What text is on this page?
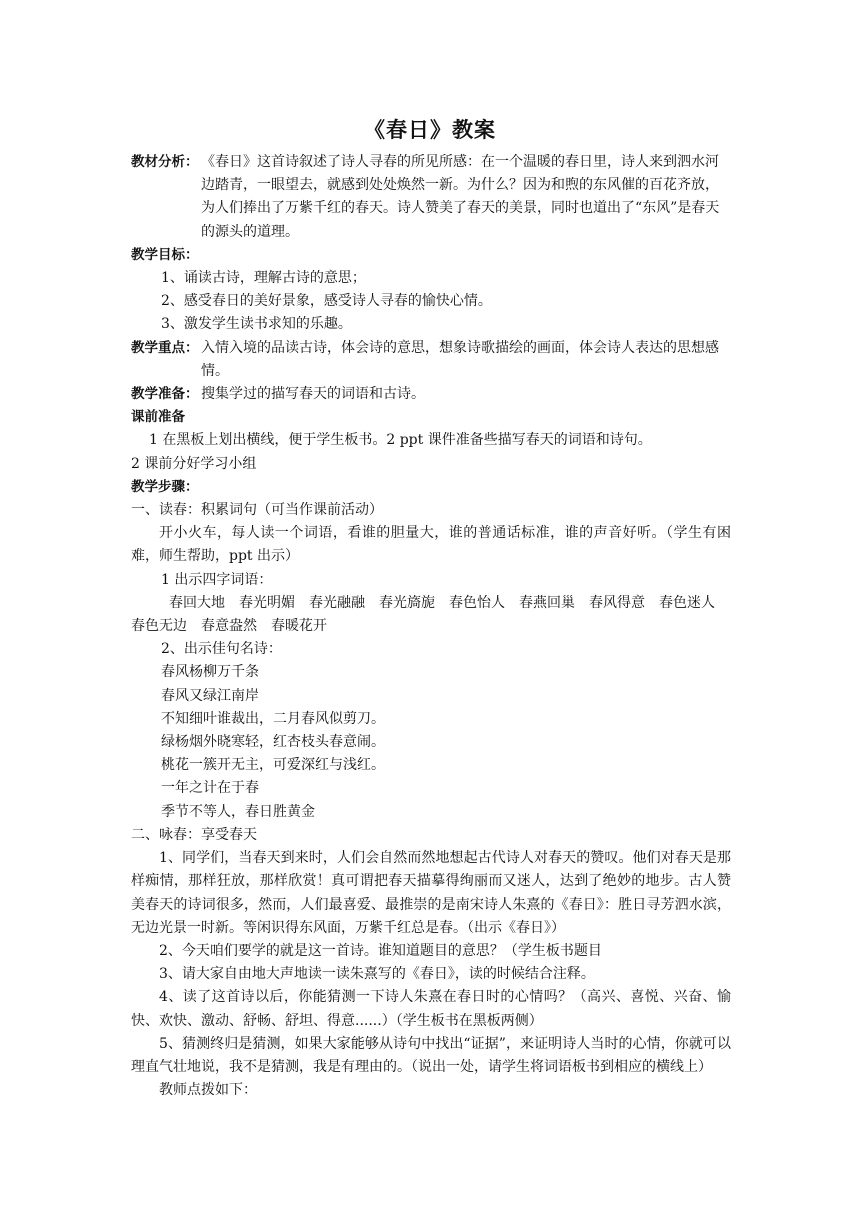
《春日》教案
教材分析： 《春日》这首诗叙述了诗人寻春的所见所感：在一个温暖的春日里，诗人来到泗水河边踏青，一眼望去，就感到处处焕然一新。为什么？因为和煦的东风催的百花齐放，为人们捧出了万紫千红的春天。诗人赞美了春天的美景，同时也道出了“东风”是春天的源头的道理。
教学目标：
1、诵读古诗，理解古诗的意思；
2、感受春日的美好景象，感受诗人寻春的愉快心情。
3、激发学生读书求知的乐趣。
教学重点： 入情入境的品读古诗，体会诗的意思，想象诗歌描绘的画面，体会诗人表达的思想感情。
教学准备： 搜集学过的描写春天的词语和古诗。
课前准备
1 在黑板上划出横线，便于学生板书。2 ppt 课件准备些描写春天的词语和诗句。
2 课前分好学习小组
教学步骤：
一、读春：积累词句（可当作课前活动）
开小火车，每人读一个词语，看谁的胆量大，谁的普通话标准，谁的声音好听。（学生有困难，师生帮助，ppt 出示）
1 出示四字词语：
春回大地　春光明媚　春光融融　春光旖旎　春色怡人　春燕回巢　春风得意　春色迷人　春色无边　春意盎然　春暖花开
2、出示佳句名诗：
春风杨柳万千条
春风又绿江南岸
不知细叶谁裁出，二月春风似剪刀。
绿杨烟外晓寒轻，红杏枝头春意闹。
桃花一簇开无主，可爱深红与浅红。
一年之计在于春
季节不等人，春日胜黄金
二、咏春：享受春天
1、同学们，当春天到来时，人们会自然而然地想起古代诗人对春天的赞叹。他们对春天是那样痴情，那样狂放，那样欣赏！真可谓把春天描摹得绚丽而又迷人，达到了绝妙的地步。古人赞美春天的诗词很多，然而，人们最喜爱、最推崇的是南宋诗人朱熹的《春日》：胜日寻芳泗水滨，无边光景一时新。等闲识得东风面，万紫千红总是春。（出示《春日》）
2、今天咱们要学的就是这一首诗。谁知道题目的意思？（学生板书题目
3、请大家自由地大声地读一读朱熹写的《春日》，读的时候结合注释。
4、读了这首诗以后，你能猜测一下诗人朱熹在春日时的心情吗？（高兴、喜悦、兴奋、愉快、欢快、激动、舒畅、舒坦、得意......）（学生板书在黑板两侧）
5、猜测终归是猜测，如果大家能够从诗句中找出“证据”，来证明诗人当时的心情，你就可以理直气壮地说，我不是猜测，我是有理由的。（说出一处，请学生将词语板书到相应的横线上）
教师点拨如下：
